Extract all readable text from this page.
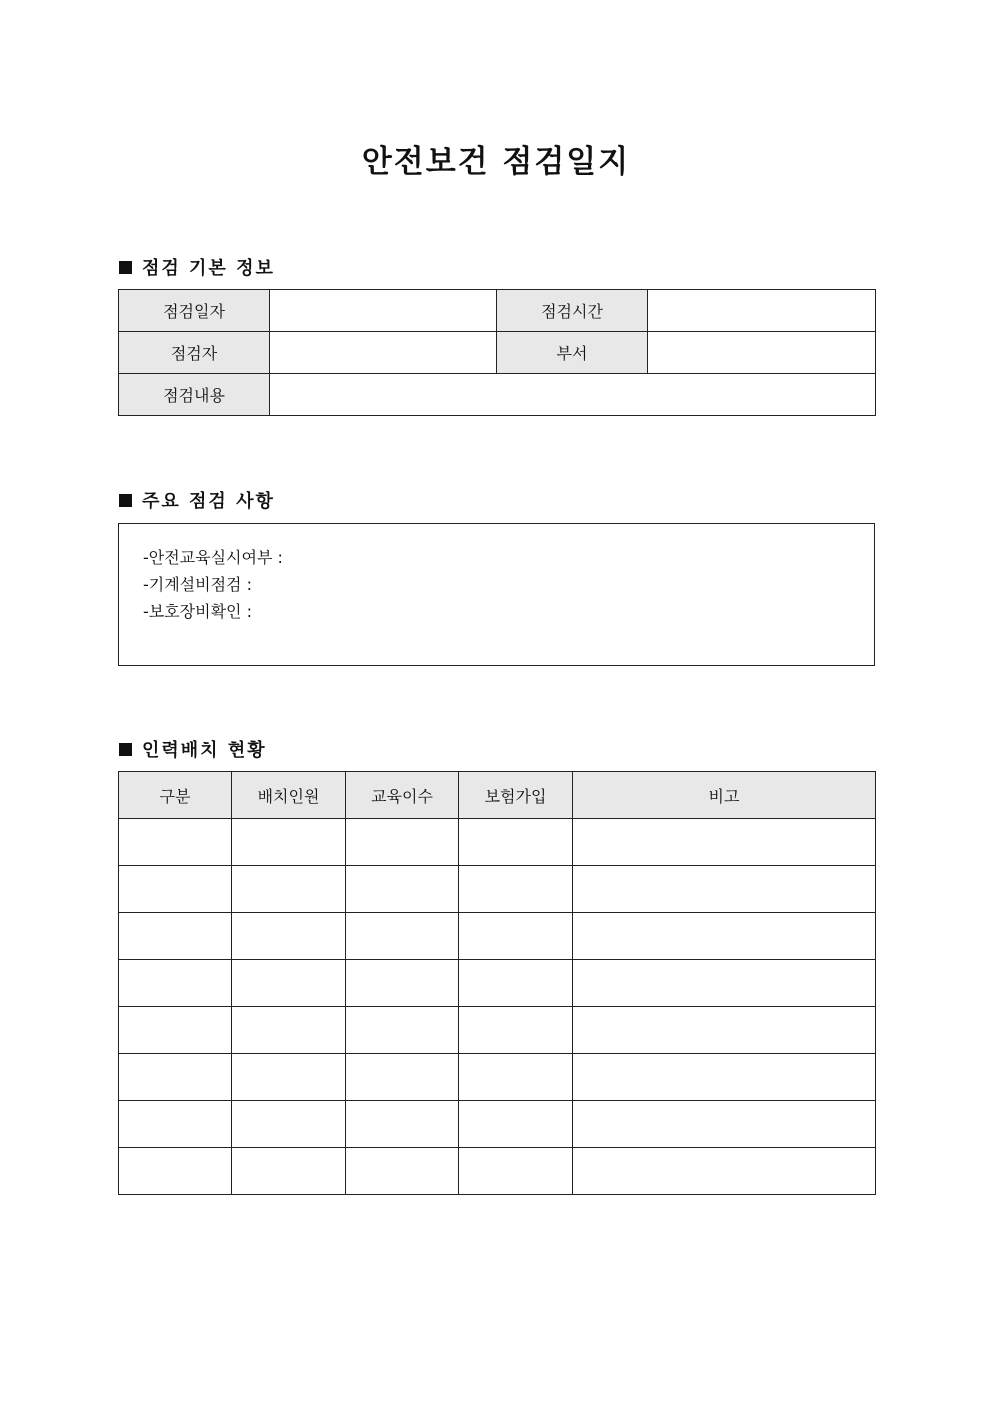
안전보건 점검일지
점검 기본 정보
점검일자		점검시간	
점검자		부서	
점검내용			
주요 점검 사항
-안전교육실시여부 :
-기계설비점검 :
-보호장비확인 :
인력배치 현황
구분	배치인원	교육이수	보험가입	비고
